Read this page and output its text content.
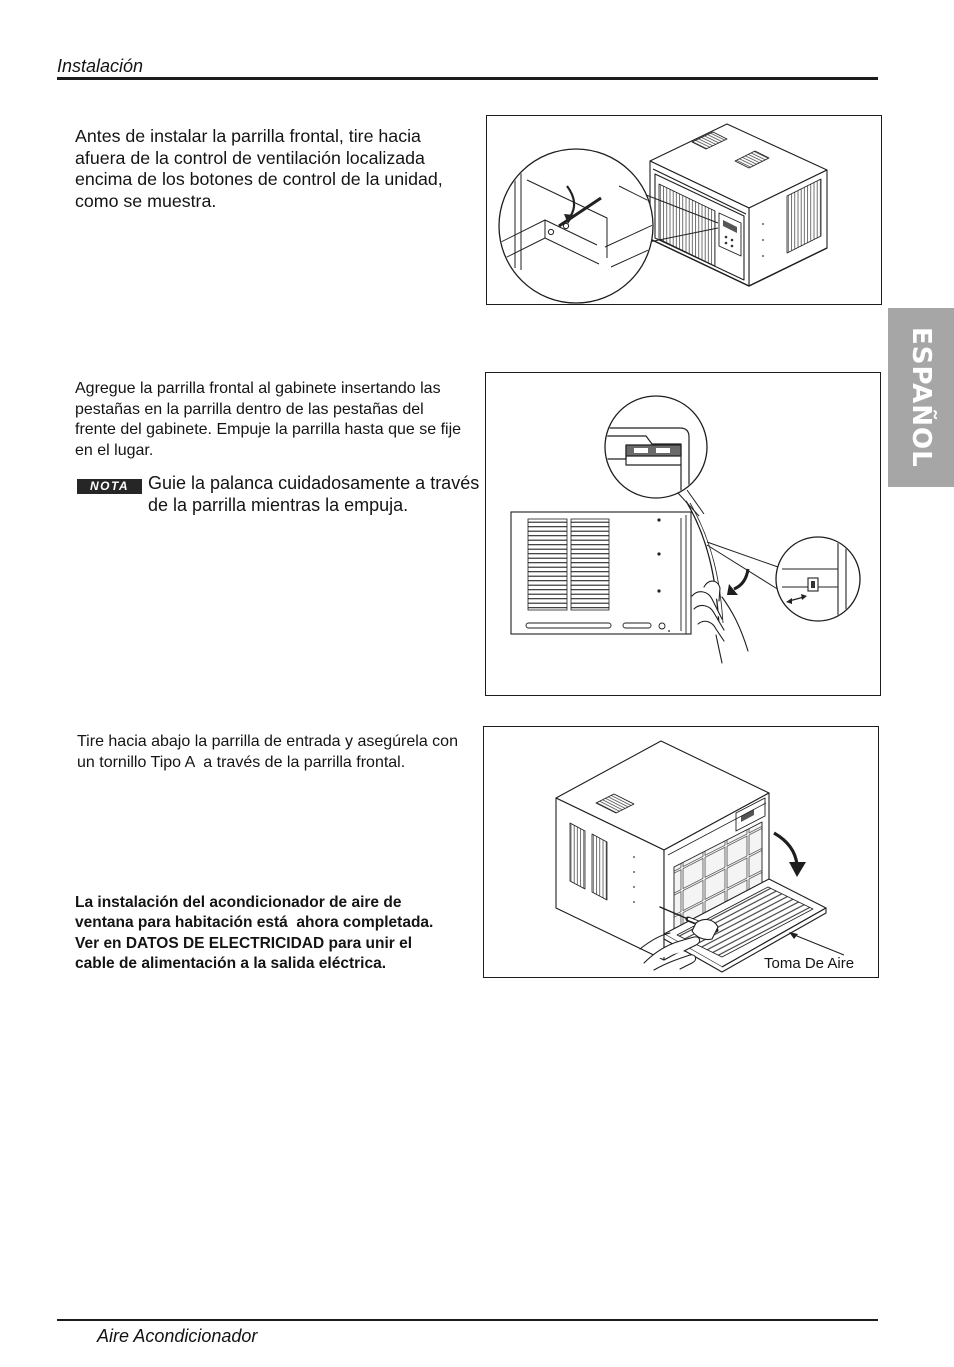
Instalación
ESPAÑOL
Antes de instalar la parrilla frontal, tire hacia
afuera de la control de ventilación localizada
encima de los botones de control de la unidad,
como se muestra.
Agregue la parrilla frontal al gabinete insertando las
pestañas en la parrilla dentro de las pestañas del
frente del gabinete. Empuje la parrilla hasta que se fije
en el lugar.
NOTA	Guie la palanca cuidadosamente a través
de la parrilla mientras la empuja.
Tire hacia abajo la parrilla de entrada y asegúrela con
un tornillo Tipo A  a través de la parrilla frontal.
La instalación del acondicionador de aire de
ventana para habitación está  ahora completada.
Ver en DATOS DE ELECTRICIDAD para unir el
cable de alimentación a la salida eléctrica.	Toma De Aire
Aire Acondicionador
